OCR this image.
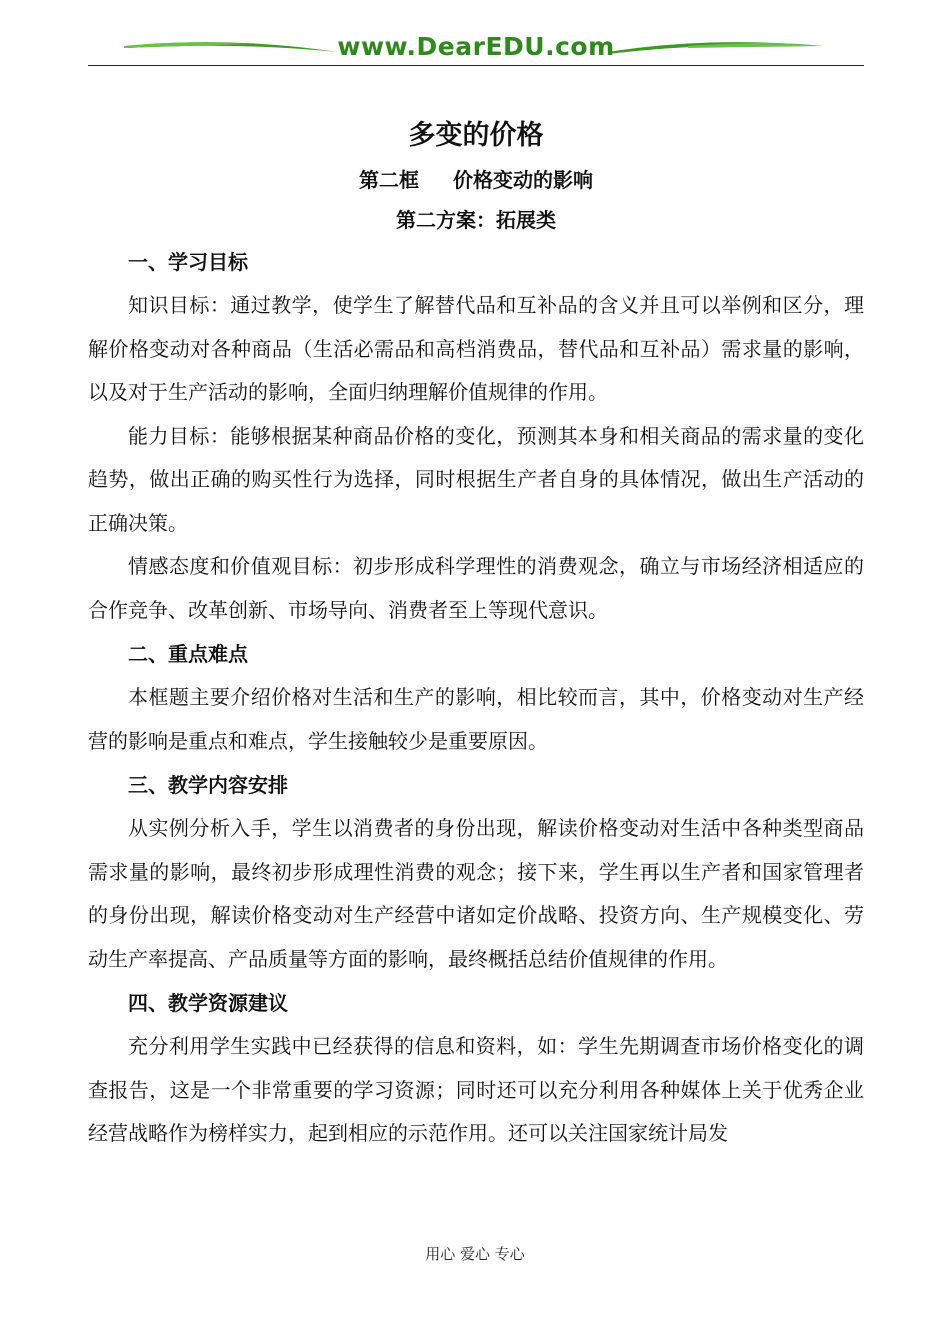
www.DearEDU.com
多变的价格
第二框 价格变动的影响
第二方案：拓展类
一、学习目标

知识目标：通过教学，使学生了解替代品和互补品的含义并且可以举例和区分，理解价格变动对各种商品（生活必需品和高档消费品，替代品和互补品）需求量的影响，以及对于生产活动的影响，全面归纳理解价值规律的作用。

能力目标：能够根据某种商品价格的变化，预测其本身和相关商品的需求量的变化趋势，做出正确的购买性行为选择，同时根据生产者自身的具体情况，做出生产活动的正确决策。

情感态度和价值观目标：初步形成科学理性的消费观念，确立与市场经济相适应的合作竞争、改革创新、市场导向、消费者至上等现代意识。

二、重点难点

本框题主要介绍价格对生活和生产的影响，相比较而言，其中，价格变动对生产经营的影响是重点和难点，学生接触较少是重要原因。

三、教学内容安排

从实例分析入手，学生以消费者的身份出现，解读价格变动对生活中各种类型商品需求量的影响，最终初步形成理性消费的观念；接下来，学生再以生产者和国家管理者的身份出现，解读价格变动对生产经营中诸如定价战略、投资方向、生产规模变化、劳动生产率提高、产品质量等方面的影响，最终概括总结价值规律的作用。

四、教学资源建议

充分利用学生实践中已经获得的信息和资料，如：学生先期调查市场价格变化的调查报告，这是一个非常重要的学习资源；同时还可以充分利用各种媒体上关于优秀企业经营战略作为榜样实力，起到相应的示范作用。还可以关注国家统计局发

用心 爱心 专心
